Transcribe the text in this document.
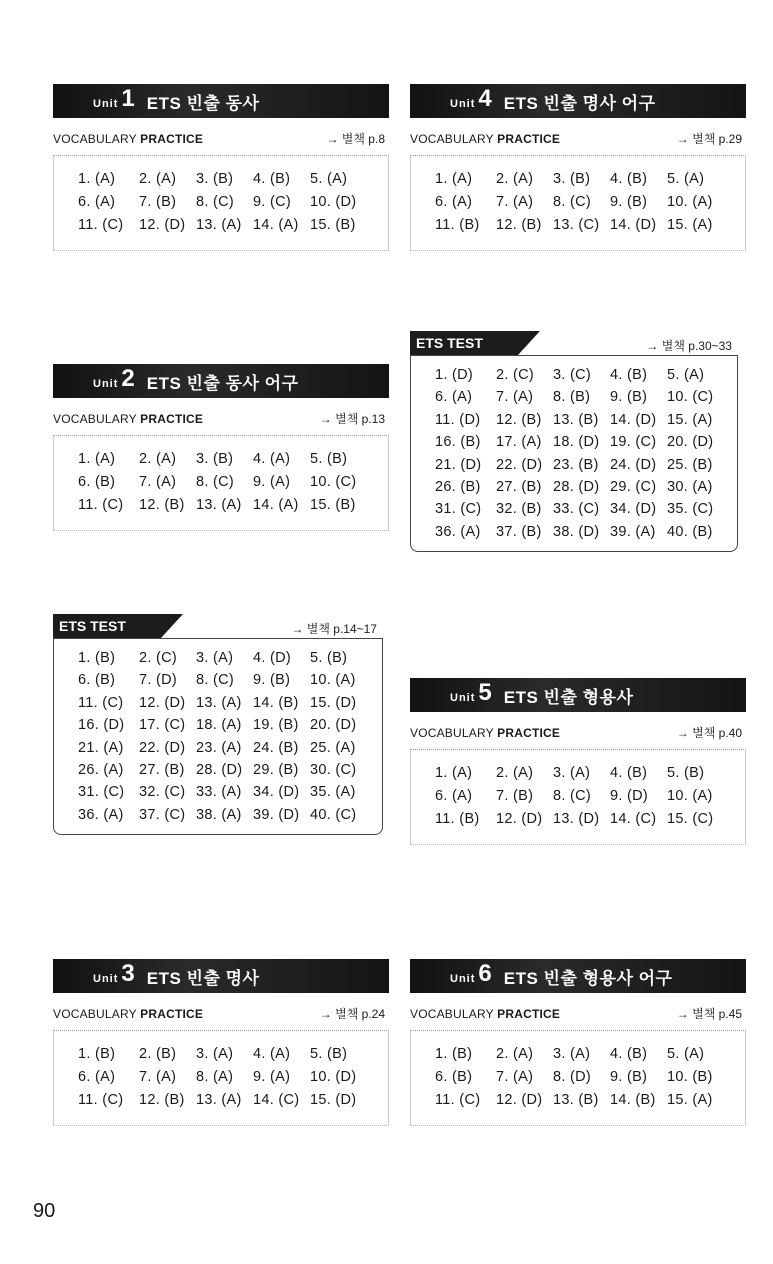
Unit 1 ETS 빈출 동사
VOCABULARY PRACTICE	→ 별책 p.8
1. (A)	2. (A)	3. (B)	4. (B)	5. (A)
6. (A)	7. (B)	8. (C)	9. (C)	10. (D)
11. (C)	12. (D) 13. (A) 14. (A) 15. (B)
Unit 2 ETS 빈출 동사 어구
VOCABULARY PRACTICE	→ 별책 p.13
1. (A)	2. (A)	3. (B)	4. (A)	5. (B)
6. (B)	7. (A)	8. (C)	9. (A)	10. (C)
11. (C)	12. (B) 13. (A) 14. (A) 15. (B)
ETS TEST	→ 별책 p.14~17
1. (B)	2. (C)	3. (A)	4. (D)	5. (B)
6. (B)	7. (D)	8. (C)	9. (B)	10. (A)
11. (C)	12. (D) 13. (A) 14. (B) 15. (D)
16. (D)	17. (C) 18. (A) 19. (B) 20. (D)
21. (A)	22. (D) 23. (A) 24. (B) 25. (A)
26. (A)	27. (B) 28. (D) 29. (B) 30. (C)
31. (C)	32. (C) 33. (A) 34. (D) 35. (A)
36. (A)	37. (C) 38. (A) 39. (D) 40. (C)
Unit 3 ETS 빈출 명사
VOCABULARY PRACTICE	→ 별책 p.24
1. (B)	2. (B)	3. (A)	4. (A)	5. (B)
6. (A)	7. (A)	8. (A)	9. (A)	10. (D)
11. (C)	12. (B) 13. (A) 14. (C) 15. (D)
Unit 4 ETS 빈출 명사 어구
VOCABULARY PRACTICE	→ 별책 p.29
1. (A)	2. (A)	3. (B)	4. (B)	5. (A)
6. (A)	7. (A)	8. (C)	9. (B)	10. (A)
11. (B)	12. (B) 13. (C) 14. (D) 15. (A)
ETS TEST	→ 별책 p.30~33
1. (D)	2. (C)	3. (C)	4. (B)	5. (A)
6. (A)	7. (A)	8. (B)	9. (B)	10. (C)
11. (D)	12. (B) 13. (B) 14. (D) 15. (A)
16. (B)	17. (A) 18. (D) 19. (C) 20. (D)
21. (D)	22. (D) 23. (B) 24. (D) 25. (B)
26. (B)	27. (B) 28. (D) 29. (C) 30. (A)
31. (C)	32. (B) 33. (C) 34. (D) 35. (C)
36. (A)	37. (B) 38. (D) 39. (A) 40. (B)
Unit 5 ETS 빈출 형용사
VOCABULARY PRACTICE	→ 별책 p.40
1. (A)	2. (A)	3. (A)	4. (B)	5. (B)
6. (A)	7. (B)	8. (C)	9. (D)	10. (A)
11. (B)	12. (D) 13. (D) 14. (C) 15. (C)
Unit 6 ETS 빈출 형용사 어구
VOCABULARY PRACTICE	→ 별책 p.45
1. (B)	2. (A)	3. (A)	4. (B)	5. (A)
6. (B)	7. (A)	8. (D)	9. (B)	10. (B)
11. (C)	12. (D) 13. (B) 14. (B) 15. (A)
90
